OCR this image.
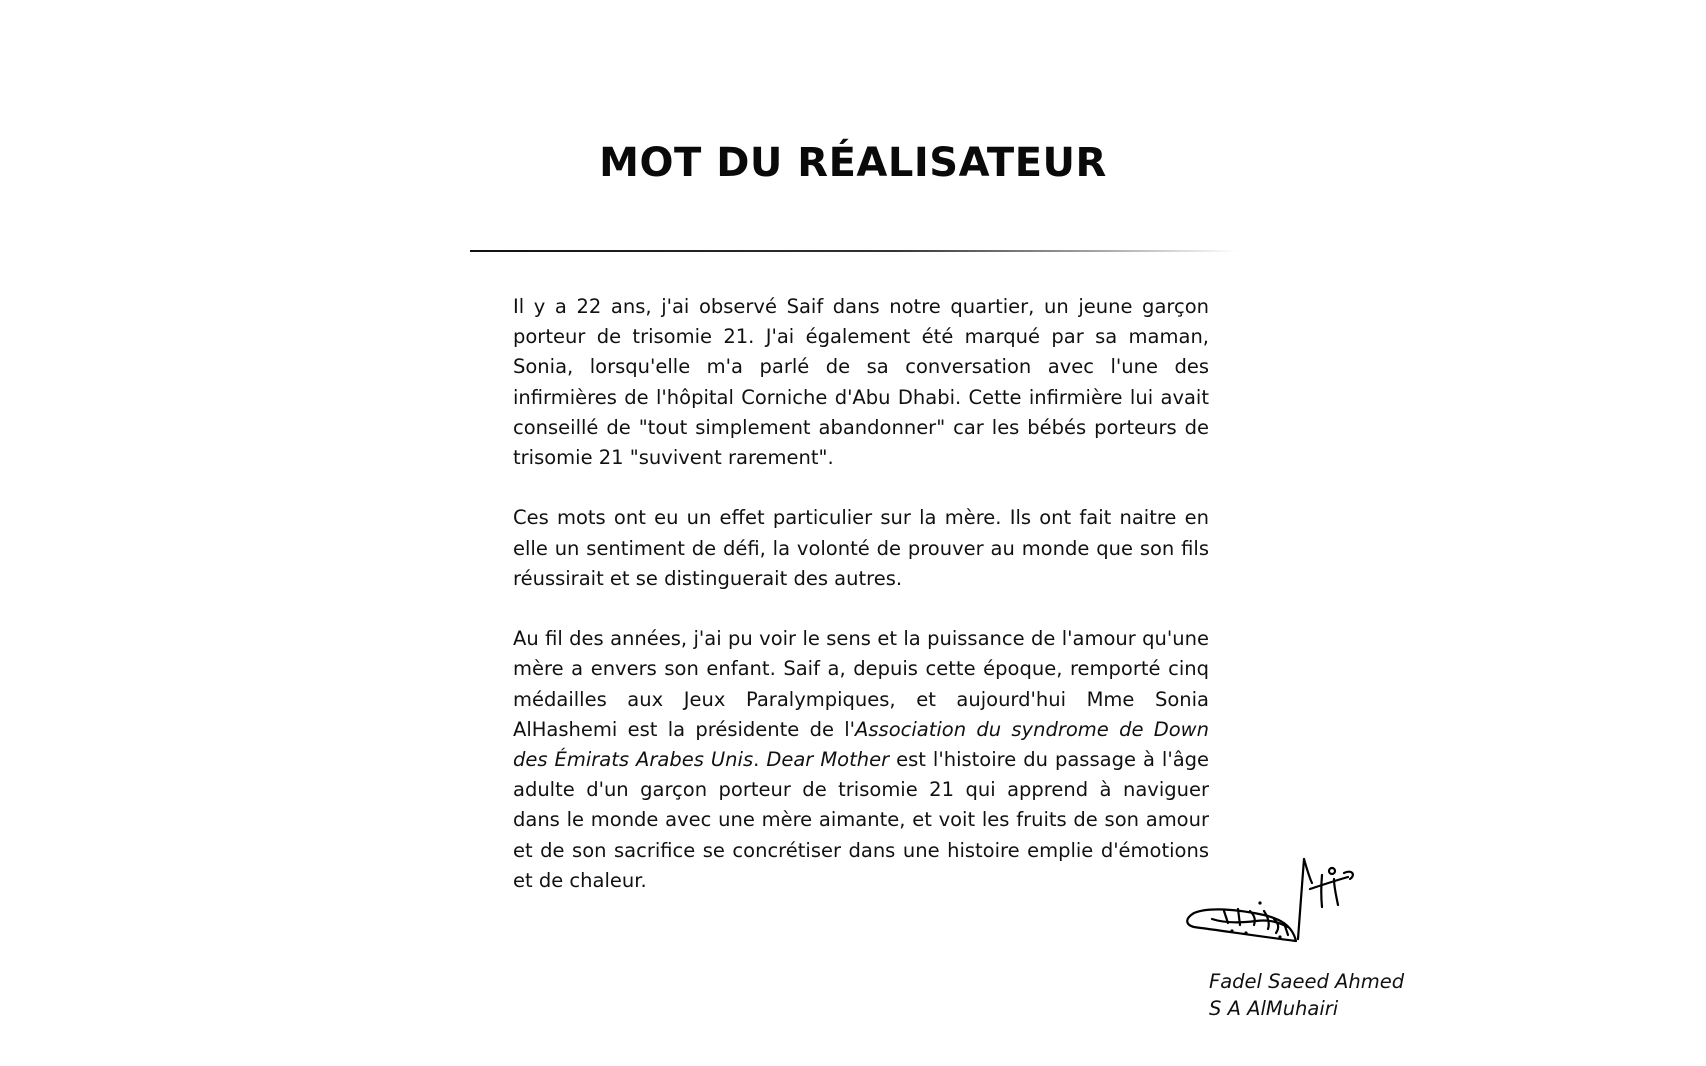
MOT DU RÉALISATEUR

Il y a 22 ans, j'ai observé Saif dans notre quartier, un jeune garçon porteur de trisomie 21. J'ai également été marqué par sa maman, Sonia, lorsqu'elle m'a parlé de sa conversation avec l'une des infirmières de l'hôpital Corniche d'Abu Dhabi. Cette infirmière lui avait conseillé de "tout simplement abandonner" car les bébés porteurs de trisomie 21 "suvivent rarement".

Ces mots ont eu un effet particulier sur la mère. Ils ont fait naitre en elle un sentiment de défi, la volonté de prouver au monde que son fils réussirait et se distinguerait des autres.

Au fil des années, j'ai pu voir le sens et la puissance de l'amour qu'une mère a envers son enfant. Saif a, depuis cette époque, remporté cinq médailles aux Jeux Paralympiques, et aujourd'hui Mme Sonia AlHashemi est la présidente de l'Association du syndrome de Down des Émirats Arabes Unis. Dear Mother est l'histoire du passage à l'âge adulte d'un garçon porteur de trisomie 21 qui apprend à naviguer dans le monde avec une mère aimante, et voit les fruits de son amour et de son sacrifice se concrétiser dans une histoire emplie d'émotions et de chaleur.

Fadel Saeed Ahmed
S A AlMuhairi
